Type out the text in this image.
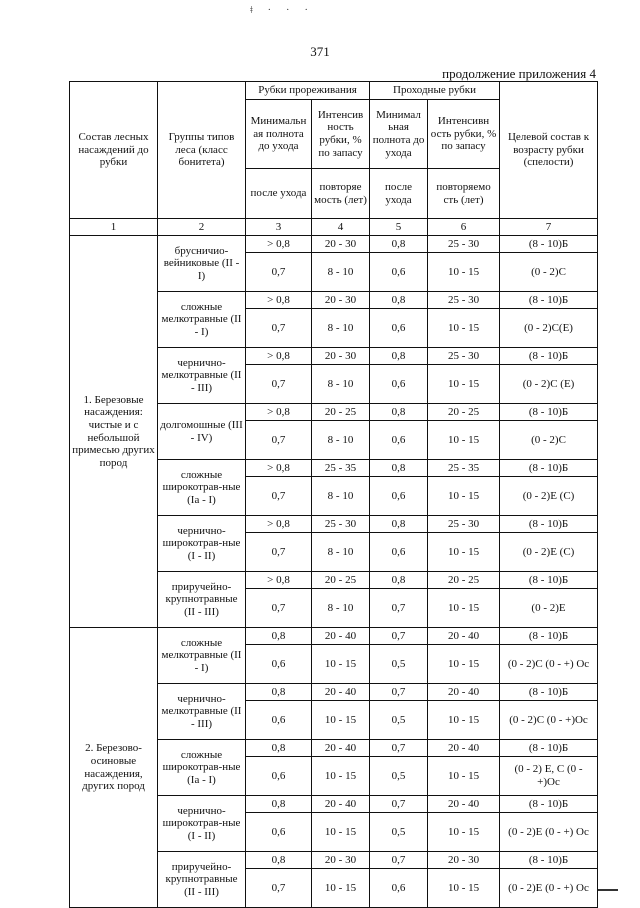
ǂ · · ·
371
продолжение приложения 4
Состав лесных насаждений до рубки	Группы типов леса (класс бонитета)	Рубки прореживания		Проходные рубки		Целевой состав к возрасту рубки (спелости)
		Минимальн ая полнота до ухода	Интенсив ность рубки, % по запасу	Минимал ьная полнота до ухода	Интенсивн ость рубки, % по запасу	
		после ухода	повторяе мость (лет)	после ухода	повторяемо сть (лет)	
1	2	3	4	5	6	7
1. Березовые насаждения: чистые и с небольшой примесью других пород	брусничио-вейниковые (II - I)	> 0,8	20 - 30	0,8	25 - 30	(8 - 10)Б
		0,7	8 - 10	0,6	10 - 15	(0 - 2)С
	сложные мелкотравные (II - I)	> 0,8	20 - 30	0,8	25 - 30	(8 - 10)Б
		0,7	8 - 10	0,6	10 - 15	(0 - 2)С(Е)
	чернично-мелкотравные (II - III)	> 0,8	20 - 30	0,8	25 - 30	(8 - 10)Б
		0,7	8 - 10	0,6	10 - 15	(0 - 2)С (Е)
	долгомошные (III - IV)	> 0,8	20 - 25	0,8	20 - 25	(8 - 10)Б
		0,7	8 - 10	0,6	10 - 15	(0 - 2)С
	сложные широкотрав-ные (Ia - I)	> 0,8	25 - 35	0,8	25 - 35	(8 - 10)Б
		0,7	8 - 10	0,6	10 - 15	(0 - 2)Е (С)
	чернично-широкотрав-ные (I - II)	> 0,8	25 - 30	0,8	25 - 30	(8 - 10)Б
		0,7	8 - 10	0,6	10 - 15	(0 - 2)Е (С)
	приручейно-крупнотравные (II - III)	> 0,8	20 - 25	0,8	20 - 25	(8 - 10)Б
		0,7	8 - 10	0,7	10 - 15	(0 - 2)Е
2. Березово-осиновые насаждения, других пород	сложные мелкотравные (II - I)	0,8	20 - 40	0,7	20 - 40	(8 - 10)Б
		0,6	10 - 15	0,5	10 - 15	(0 - 2)С (0 - +) Ос
	чернично-мелкотравные (II - III)	0,8	20 - 40	0,7	20 - 40	(8 - 10)Б
		0,6	10 - 15	0,5	10 - 15	(0 - 2)С (0 - +)Ос
	сложные широкотрав-ные (Ia - I)	0,8	20 - 40	0,7	20 - 40	(8 - 10)Б
		0,6	10 - 15	0,5	10 - 15	(0 - 2) Е, С (0 - +)Ос
	чернично-широкотрав-ные (I - II)	0,8	20 - 40	0,7	20 - 40	(8 - 10)Б
		0,6	10 - 15	0,5	10 - 15	(0 - 2)Е (0 - +) Ос
	приручейно-крупнотравные (II - III)	0,8	20 - 30	0,7	20 - 30	(8 - 10)Б
		0,7	10 - 15	0,6	10 - 15	(0 - 2)Е (0 - +) Ос
